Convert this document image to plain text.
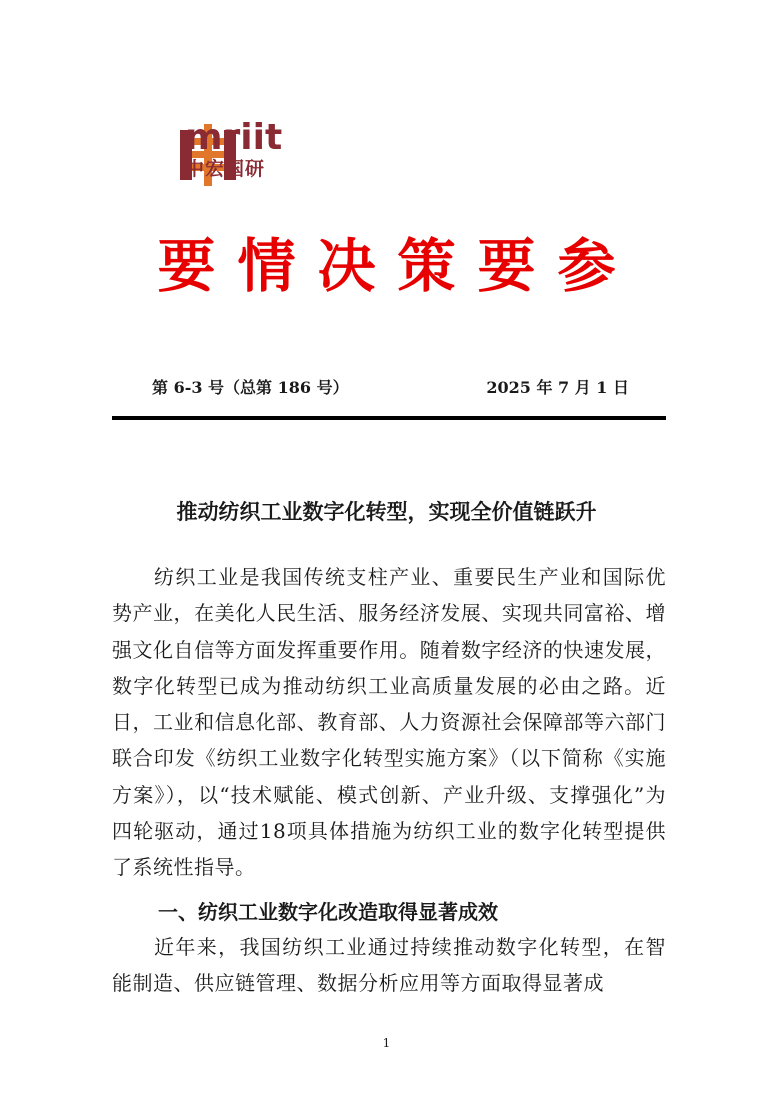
mriit
中宏国研
要情决策要参
第 6-3 号（总第 186 号）	2025 年 7 月 1 日
推动纺织工业数字化转型，实现全价值链跃升
纺织工业是我国传统支柱产业、重要民生产业和国际优势产业，在美化人民生活、服务经济发展、实现共同富裕、增强文化自信等方面发挥重要作用。随着数字经济的快速发展，数字化转型已成为推动纺织工业高质量发展的必由之路。近日，工业和信息化部、教育部、人力资源社会保障部等六部门联合印发《纺织工业数字化转型实施方案》（以下简称《实施方案》），以“技术赋能、模式创新、产业升级、支撑强化”为四轮驱动，通过18项具体措施为纺织工业的数字化转型提供了系统性指导。
一、纺织工业数字化改造取得显著成效
近年来，我国纺织工业通过持续推动数字化转型，在智能制造、供应链管理、数据分析应用等方面取得显著成
1
